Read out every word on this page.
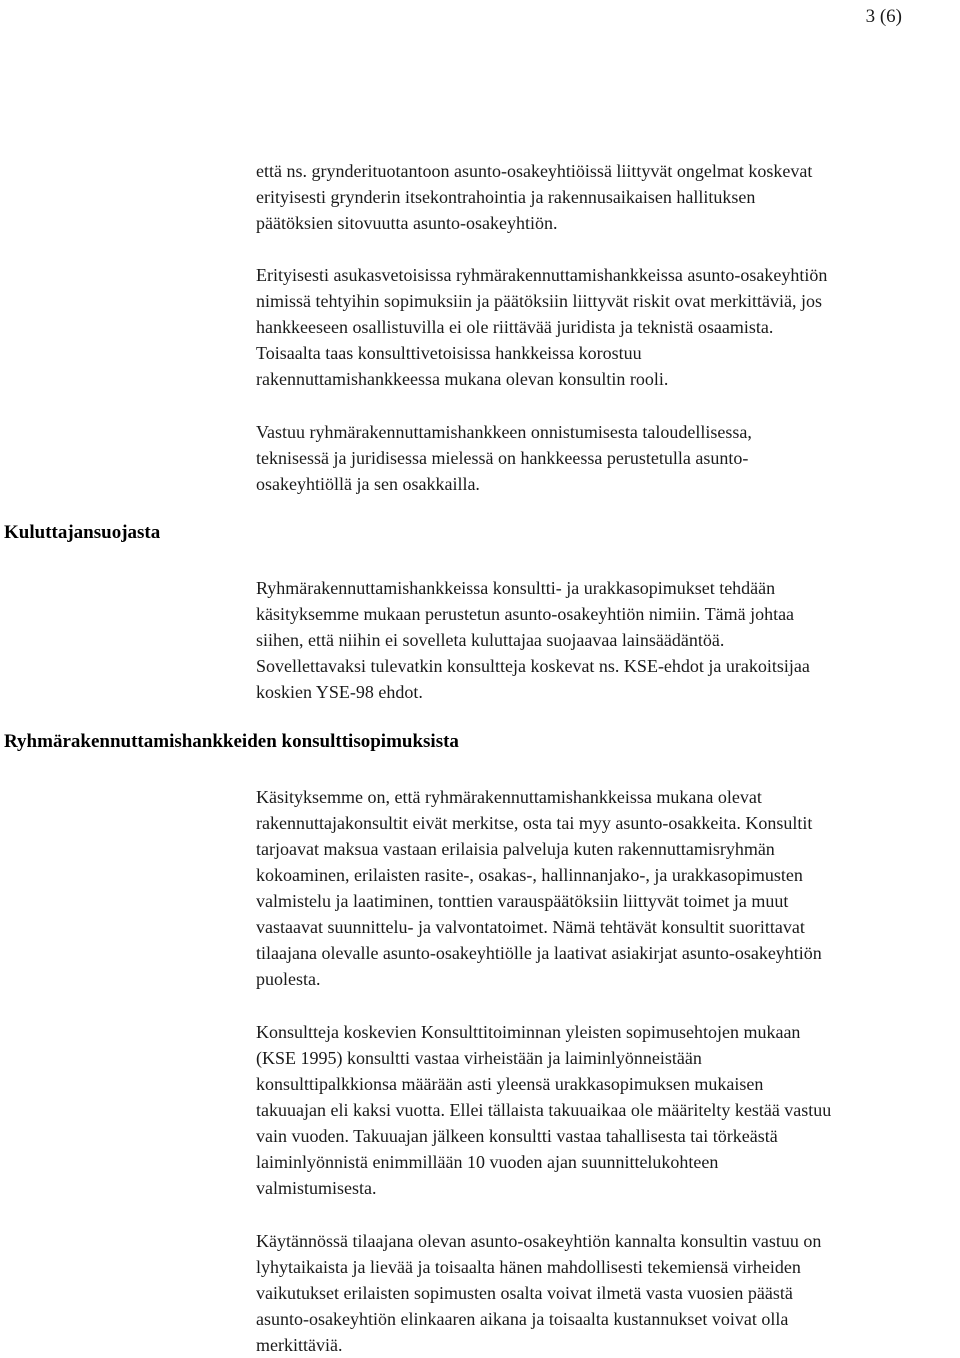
3 (6)
että ns. grynderituotantoon asunto-osakeyhtiöissä liittyvät ongelmat koskevat
erityisesti grynderin itsekontrahointia ja rakennusaikaisen hallituksen
päätöksien sitovuutta asunto-osakeyhtiön.
Erityisesti asukasvetoisissa ryhmärakennuttamishankkeissa asunto-osakeyhtiön
nimissä tehtyihin sopimuksiin ja päätöksiin liittyvät riskit ovat merkittäviä, jos
hankkeeseen osallistuvilla ei ole riittävää juridista ja teknistä osaamista.
Toisaalta taas konsulttivetoisissa hankkeissa korostuu
rakennuttamishankkeessa mukana olevan konsultin rooli.
Vastuu ryhmärakennuttamishankkeen onnistumisesta taloudellisessa,
teknisessä ja juridisessa mielessä on hankkeessa perustetulla asunto-
osakeyhtiöllä ja sen osakkailla.
Kuluttajansuojasta
Ryhmärakennuttamishankkeissa konsultti- ja urakkasopimukset tehdään
käsityksemme mukaan perustetun asunto-osakeyhtiön nimiin. Tämä johtaa
siihen, että niihin ei sovelleta kuluttajaa suojaavaa lainsäädäntöä.
Sovellettavaksi tulevatkin konsultteja koskevat ns. KSE-ehdot ja urakoitsijaa
koskien YSE-98 ehdot.
Ryhmärakennuttamishankkeiden konsulttisopimuksista
Käsityksemme on, että ryhmärakennuttamishankkeissa mukana olevat
rakennuttajakonsultit eivät merkitse, osta tai myy asunto-osakkeita. Konsultit
tarjoavat maksua vastaan erilaisia palveluja kuten rakennuttamisryhmän
kokoaminen, erilaisten rasite-, osakas-, hallinnanjako-, ja urakkasopimusten
valmistelu ja laatiminen, tonttien varauspäätöksiin liittyvät toimet ja muut
vastaavat suunnittelu- ja valvontatoimet. Nämä tehtävät konsultit suorittavat
tilaajana olevalle asunto-osakeyhtiölle ja laativat asiakirjat asunto-osakeyhtiön
puolesta.
Konsultteja koskevien Konsulttitoiminnan yleisten sopimusehtojen mukaan
(KSE 1995) konsultti vastaa virheistään ja laiminlyönneistään
konsulttipalkkionsa määrään asti yleensä urakkasopimuksen mukaisen
takuuajan eli kaksi vuotta. Ellei tällaista takuuaikaa ole määritelty kestää vastuu
vain vuoden. Takuuajan jälkeen konsultti vastaa tahallisesta tai törkeästä
laiminlyönnistä enimmillään 10 vuoden ajan suunnittelukohteen
valmistumisesta.
Käytännössä tilaajana olevan asunto-osakeyhtiön kannalta konsultin vastuu on
lyhytaikaista ja lievää ja toisaalta hänen mahdollisesti tekemiensä virheiden
vaikutukset erilaisten sopimusten osalta voivat ilmetä vasta vuosien päästä
asunto-osakeyhtiön elinkaaren aikana ja toisaalta kustannukset voivat olla
merkittäviä.
